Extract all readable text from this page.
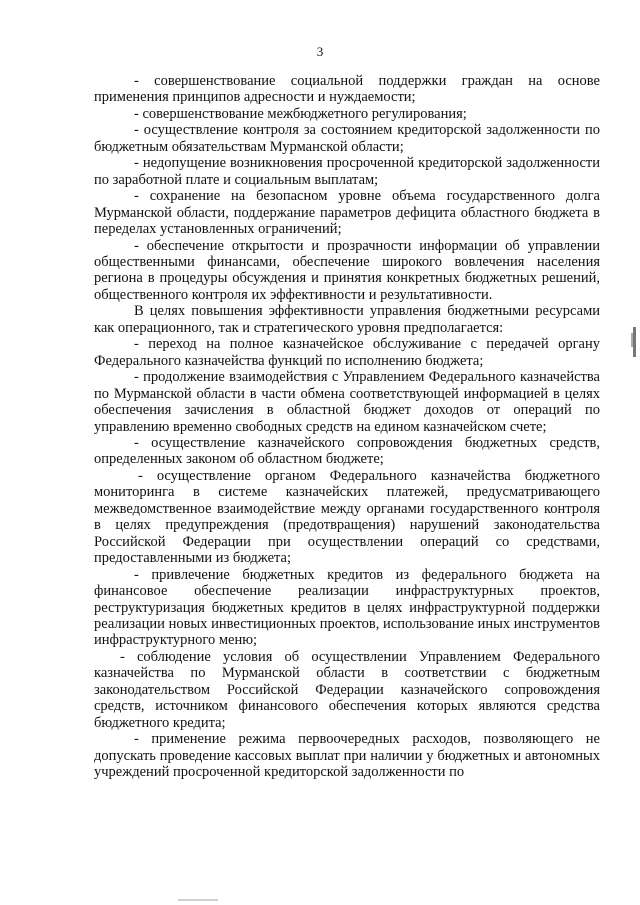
3

- совершенствование социальной поддержки граждан на основе применения принципов адресности и нуждаемости;

- совершенствование межбюджетного регулирования;

- осуществление контроля за состоянием кредиторской задолженности по бюджетным обязательствам Мурманской области;

- недопущение возникновения просроченной кредиторской задолженности по заработной плате и социальным выплатам;

- сохранение на безопасном уровне объема государственного долга Мурманской области, поддержание параметров дефицита областного бюджета в переделах установленных ограничений;

- обеспечение открытости и прозрачности информации об управлении общественными финансами, обеспечение широкого вовлечения населения региона в процедуры обсуждения и принятия конкретных бюджетных решений, общественного контроля их эффективности и результативности.

В целях повышения эффективности управления бюджетными ресурсами как операционного, так и стратегического уровня предполагается:

- переход на полное казначейское обслуживание с передачей органу Федерального казначейства функций по исполнению бюджета;

- продолжение взаимодействия с Управлением Федерального казначейства по Мурманской области в части обмена соответствующей информацией в целях обеспечения зачисления в областной бюджет доходов от операций по управлению временно свободных средств на едином казначейском счете;

- осуществление казначейского сопровождения бюджетных средств, определенных законом об областном бюджете;

- осуществление органом Федерального казначейства бюджетного мониторинга в системе казначейских платежей, предусматривающего межведомственное взаимодействие между органами государственного контроля в целях предупреждения (предотвращения) нарушений законодательства Российской Федерации при осуществлении операций со средствами, предоставленными из бюджета;

- привлечение бюджетных кредитов из федерального бюджета на финансовое обеспечение реализации инфраструктурных проектов, реструктуризация бюджетных кредитов в целях инфраструктурной поддержки реализации новых инвестиционных проектов, использование иных инструментов инфраструктурного меню;

- соблюдение условия об осуществлении Управлением Федерального казначейства по Мурманской области в соответствии с бюджетным законодательством Российской Федерации казначейского сопровождения средств, источником финансового обеспечения которых являются средства бюджетного кредита;

- применение режима первоочередных расходов, позволяющего не допускать проведение кассовых выплат при наличии у бюджетных и автономных учреждений просроченной кредиторской задолженности по
